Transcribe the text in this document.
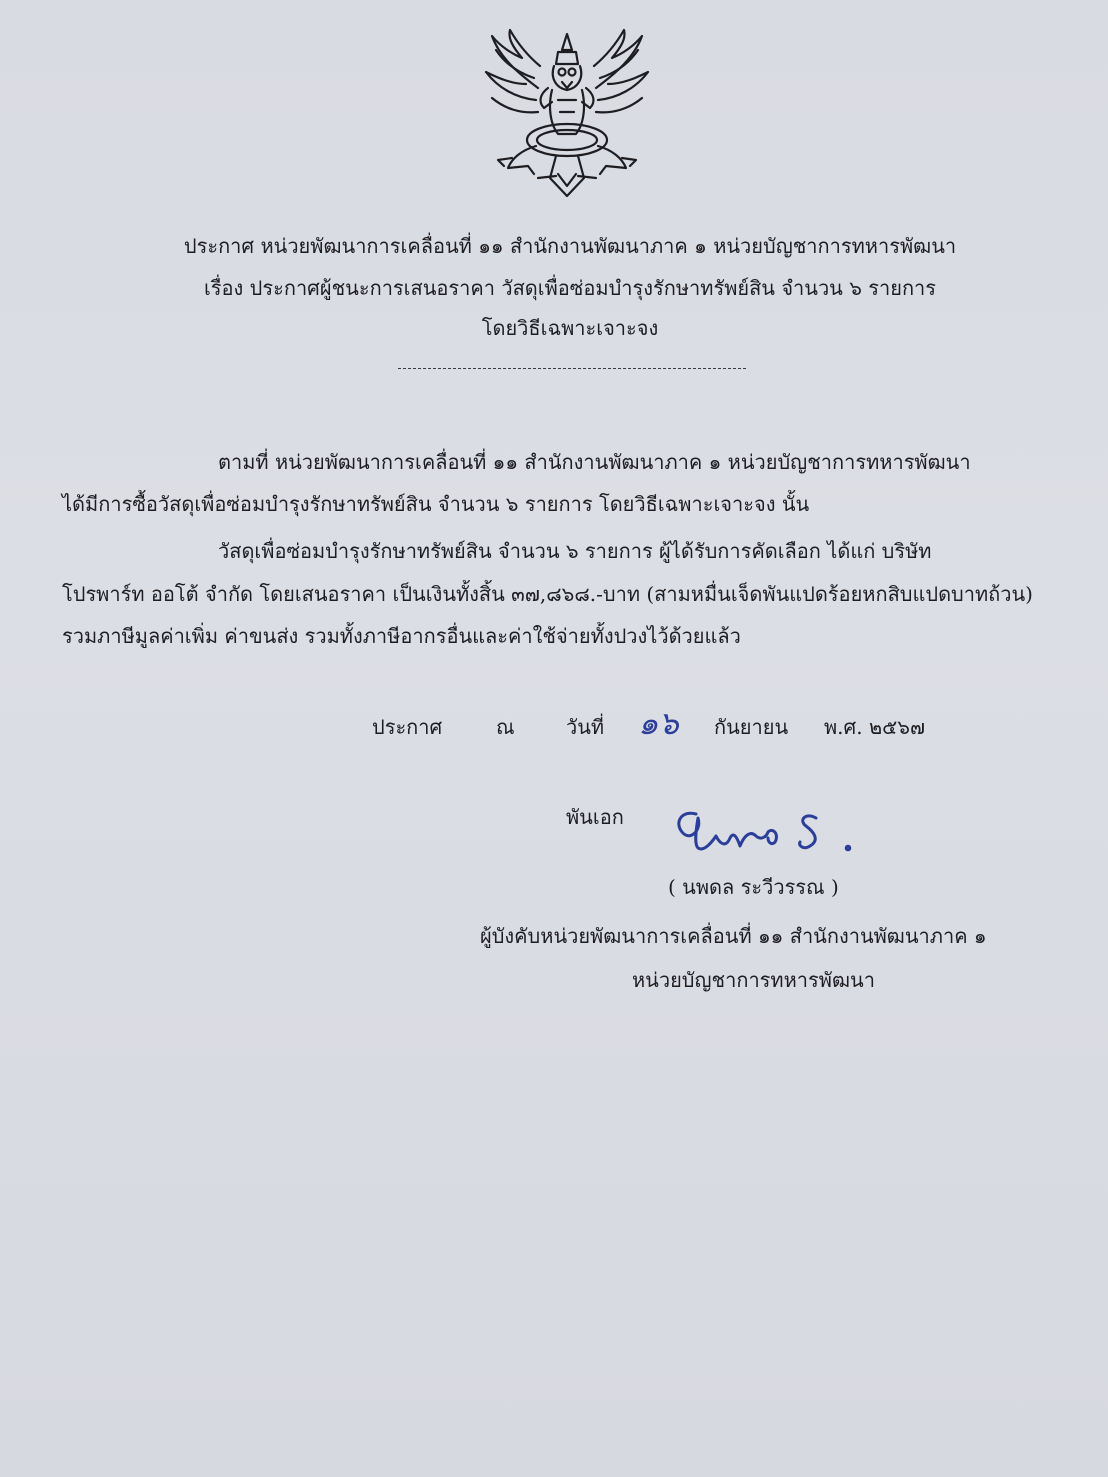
ประกาศ หน่วยพัฒนาการเคลื่อนที่ ๑๑ สำนักงานพัฒนาภาค ๑ หน่วยบัญชาการทหารพัฒนา
เรื่อง ประกาศผู้ชนะการเสนอราคา วัสดุเพื่อซ่อมบำรุงรักษาทรัพย์สิน จำนวน ๖ รายการ
โดยวิธีเฉพาะเจาะจง
ตามที่ หน่วยพัฒนาการเคลื่อนที่ ๑๑ สำนักงานพัฒนาภาค ๑ หน่วยบัญชาการทหารพัฒนา
ได้มีการซื้อวัสดุเพื่อซ่อมบำรุงรักษาทรัพย์สิน จำนวน ๖ รายการ โดยวิธีเฉพาะเจาะจง นั้น
วัสดุเพื่อซ่อมบำรุงรักษาทรัพย์สิน จำนวน ๖ รายการ ผู้ได้รับการคัดเลือก ได้แก่ บริษัท
โปรพาร์ท ออโต้ จำกัด โดยเสนอราคา เป็นเงินทั้งสิ้น ๓๗,๘๖๘.-บาท (สามหมื่นเจ็ดพันแปดร้อยหกสิบแปดบาทถ้วน)
รวมภาษีมูลค่าเพิ่ม ค่าขนส่ง รวมทั้งภาษีอากรอื่นและค่าใช้จ่ายทั้งปวงไว้ด้วยแล้ว
ประกาศ	ณ	วันที่ ๑๖ กันยายน พ.ศ. ๒๕๖๗
พันเอก
นพดล ร.
( นพดล ระวีวรรณ )
ผู้บังคับหน่วยพัฒนาการเคลื่อนที่ ๑๑ สำนักงานพัฒนาภาค ๑
หน่วยบัญชาการทหารพัฒนา
